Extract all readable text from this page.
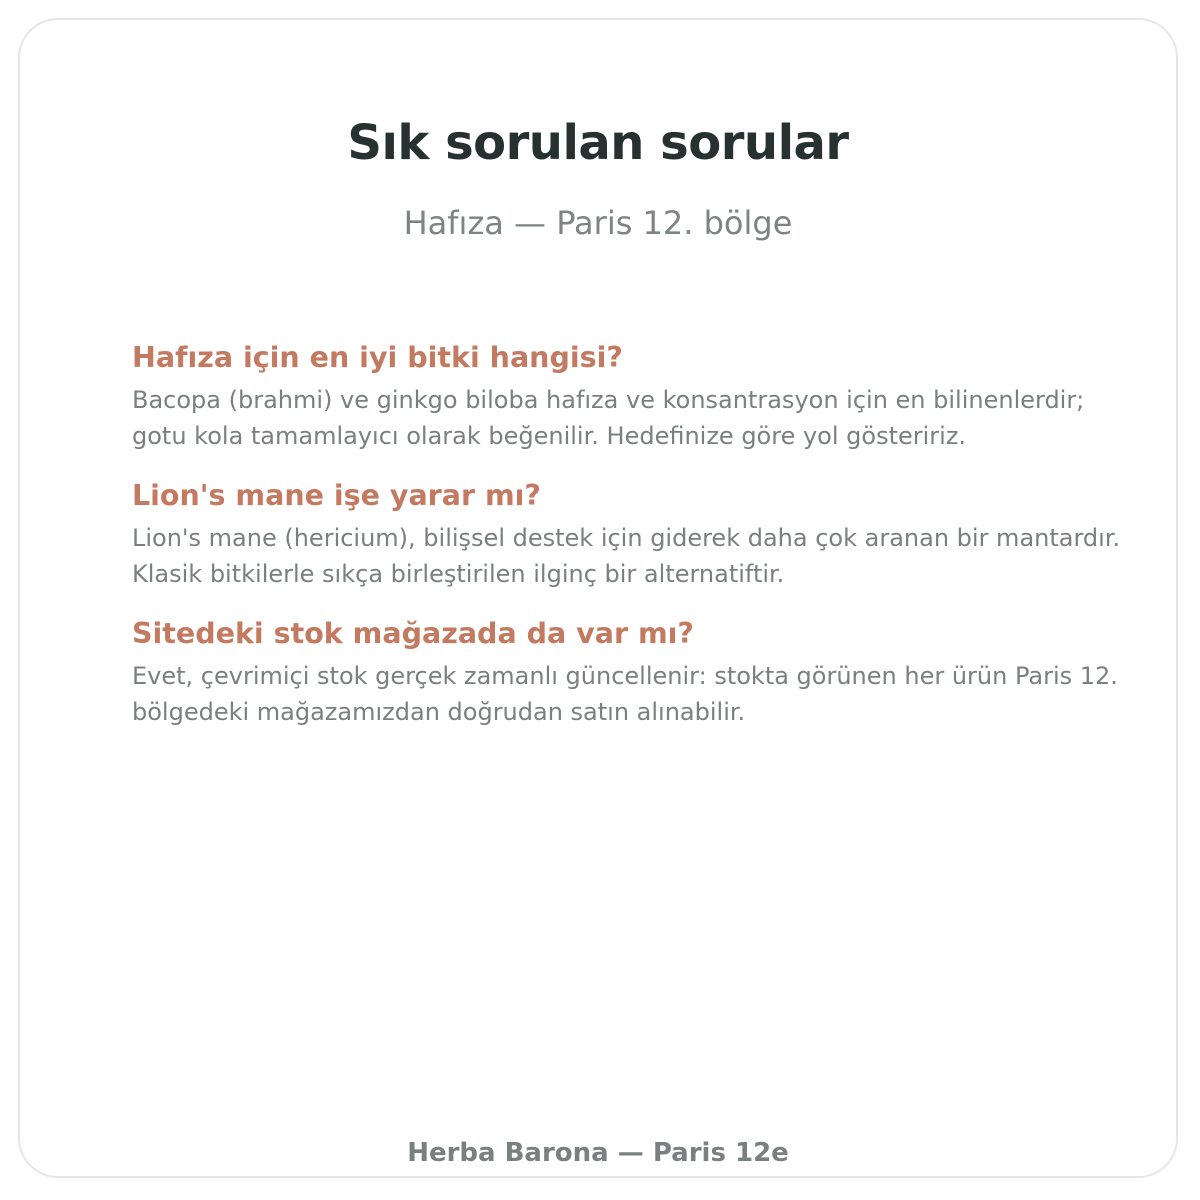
Sık sorulan sorular

Hafıza — Paris 12. bölge

Hafıza için en iyi bitki hangisi?

Bacopa (brahmi) ve ginkgo biloba hafıza ve konsantrasyon için en bilinenlerdir; gotu kola tamamlayıcı olarak beğenilir. Hedefinize göre yol gösteririz.

Lion's mane işe yarar mı?

Lion's mane (hericium), bilişsel destek için giderek daha çok aranan bir mantardır. Klasik bitkilerle sıkça birleştirilen ilginç bir alternatiftir.

Sitedeki stok mağazada da var mı?

Evet, çevrimiçi stok gerçek zamanlı güncellenir: stokta görünen her ürün Paris 12. bölgedeki mağazamızdan doğrudan satın alınabilir.

Herba Barona — Paris 12e
